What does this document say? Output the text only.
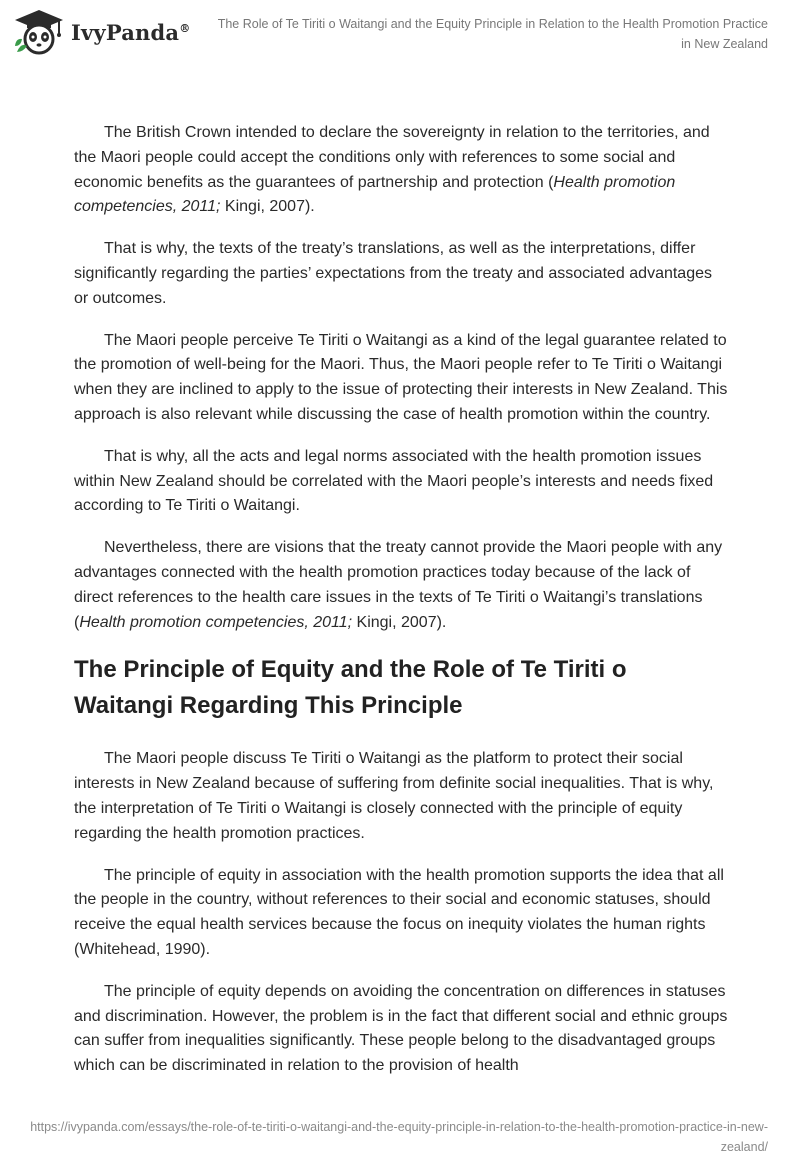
IvyPanda®	The Role of Te Tiriti o Waitangi and the Equity Principle in Relation to the Health Promotion Practice in New Zealand

The British Crown intended to declare the sovereignty in relation to the territories, and the Maori people could accept the conditions only with references to some social and economic benefits as the guarantees of partnership and protection (Health promotion competencies, 2011; Kingi, 2007).

That is why, the texts of the treaty’s translations, as well as the interpretations, differ significantly regarding the parties’ expectations from the treaty and associated advantages or outcomes.

The Maori people perceive Te Tiriti o Waitangi as a kind of the legal guarantee related to the promotion of well-being for the Maori. Thus, the Maori people refer to Te Tiriti o Waitangi when they are inclined to apply to the issue of protecting their interests in New Zealand. This approach is also relevant while discussing the case of health promotion within the country.

That is why, all the acts and legal norms associated with the health promotion issues within New Zealand should be correlated with the Maori people’s interests and needs fixed according to Te Tiriti o Waitangi.

Nevertheless, there are visions that the treaty cannot provide the Maori people with any advantages connected with the health promotion practices today because of the lack of direct references to the health care issues in the texts of Te Tiriti o Waitangi’s translations (Health promotion competencies, 2011; Kingi, 2007).

The Principle of Equity and the Role of Te Tiriti o Waitangi Regarding This Principle

The Maori people discuss Te Tiriti o Waitangi as the platform to protect their social interests in New Zealand because of suffering from definite social inequalities. That is why, the interpretation of Te Tiriti o Waitangi is closely connected with the principle of equity regarding the health promotion practices.

The principle of equity in association with the health promotion supports the idea that all the people in the country, without references to their social and economic statuses, should receive the equal health services because the focus on inequity violates the human rights (Whitehead, 1990).

The principle of equity depends on avoiding the concentration on differences in statuses and discrimination. However, the problem is in the fact that different social and ethnic groups can suffer from inequalities significantly. These people belong to the disadvantaged groups which can be discriminated in relation to the provision of health

https://ivypanda.com/essays/the-role-of-te-tiriti-o-waitangi-and-the-equity-principle-in-relation-to-the-health-promotion-practice-in-new-zealand/
